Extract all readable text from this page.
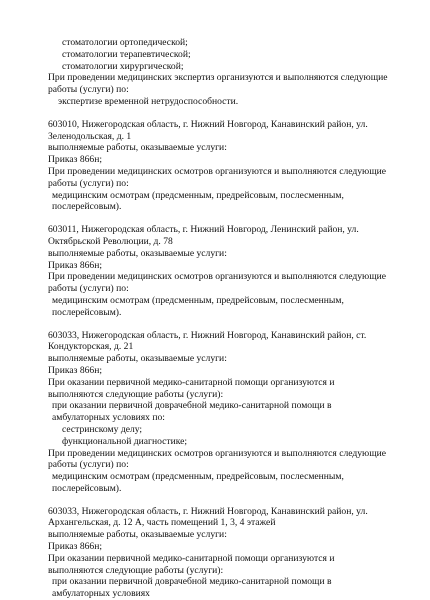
стоматологии ортопедической;
стоматологии терапевтической;
стоматологии хирургической;
При проведении медицинских экспертиз организуются и выполняются следующие работы (услуги) по:
экспертизе временной нетрудоспособности.
603010, Нижегородская область, г. Нижний Новгород, Канавинский район, ул. Зеленодольская, д. 1
выполняемые работы, оказываемые услуги:
Приказ 866н;
При проведении медицинских осмотров организуются и выполняются следующие работы (услуги) по:
медицинским осмотрам (предсменным, предрейсовым, послесменным, послерейсовым).
603011, Нижегородская область, г. Нижний Новгород, Ленинский район, ул. Октябрьской Революции, д. 78
выполняемые работы, оказываемые услуги:
Приказ 866н;
При проведении медицинских осмотров организуются и выполняются следующие работы (услуги) по:
медицинским осмотрам (предсменным, предрейсовым, послесменным, послерейсовым).
603033, Нижегородская область, г. Нижний Новгород, Канавинский район, ст. Кондукторская, д. 21
выполняемые работы, оказываемые услуги:
Приказ 866н;
При оказании первичной медико-санитарной помощи организуются и выполняются следующие работы (услуги):
при оказании первичной доврачебной медико-санитарной помощи в амбулаторных условиях по:
сестринскому делу;
функциональной диагностике;
При проведении медицинских осмотров организуются и выполняются следующие работы (услуги) по:
медицинским осмотрам (предсменным, предрейсовым, послесменным, послерейсовым).
603033, Нижегородская область, г. Нижний Новгород, Канавинский район, ул. Архангельская, д. 12 А, часть помещений 1, 3, 4 этажей
выполняемые работы, оказываемые услуги:
Приказ 866н;
При оказании первичной медико-санитарной помощи организуются и выполняются следующие работы (услуги):
при оказании первичной доврачебной медико-санитарной помощи в амбулаторных условиях
